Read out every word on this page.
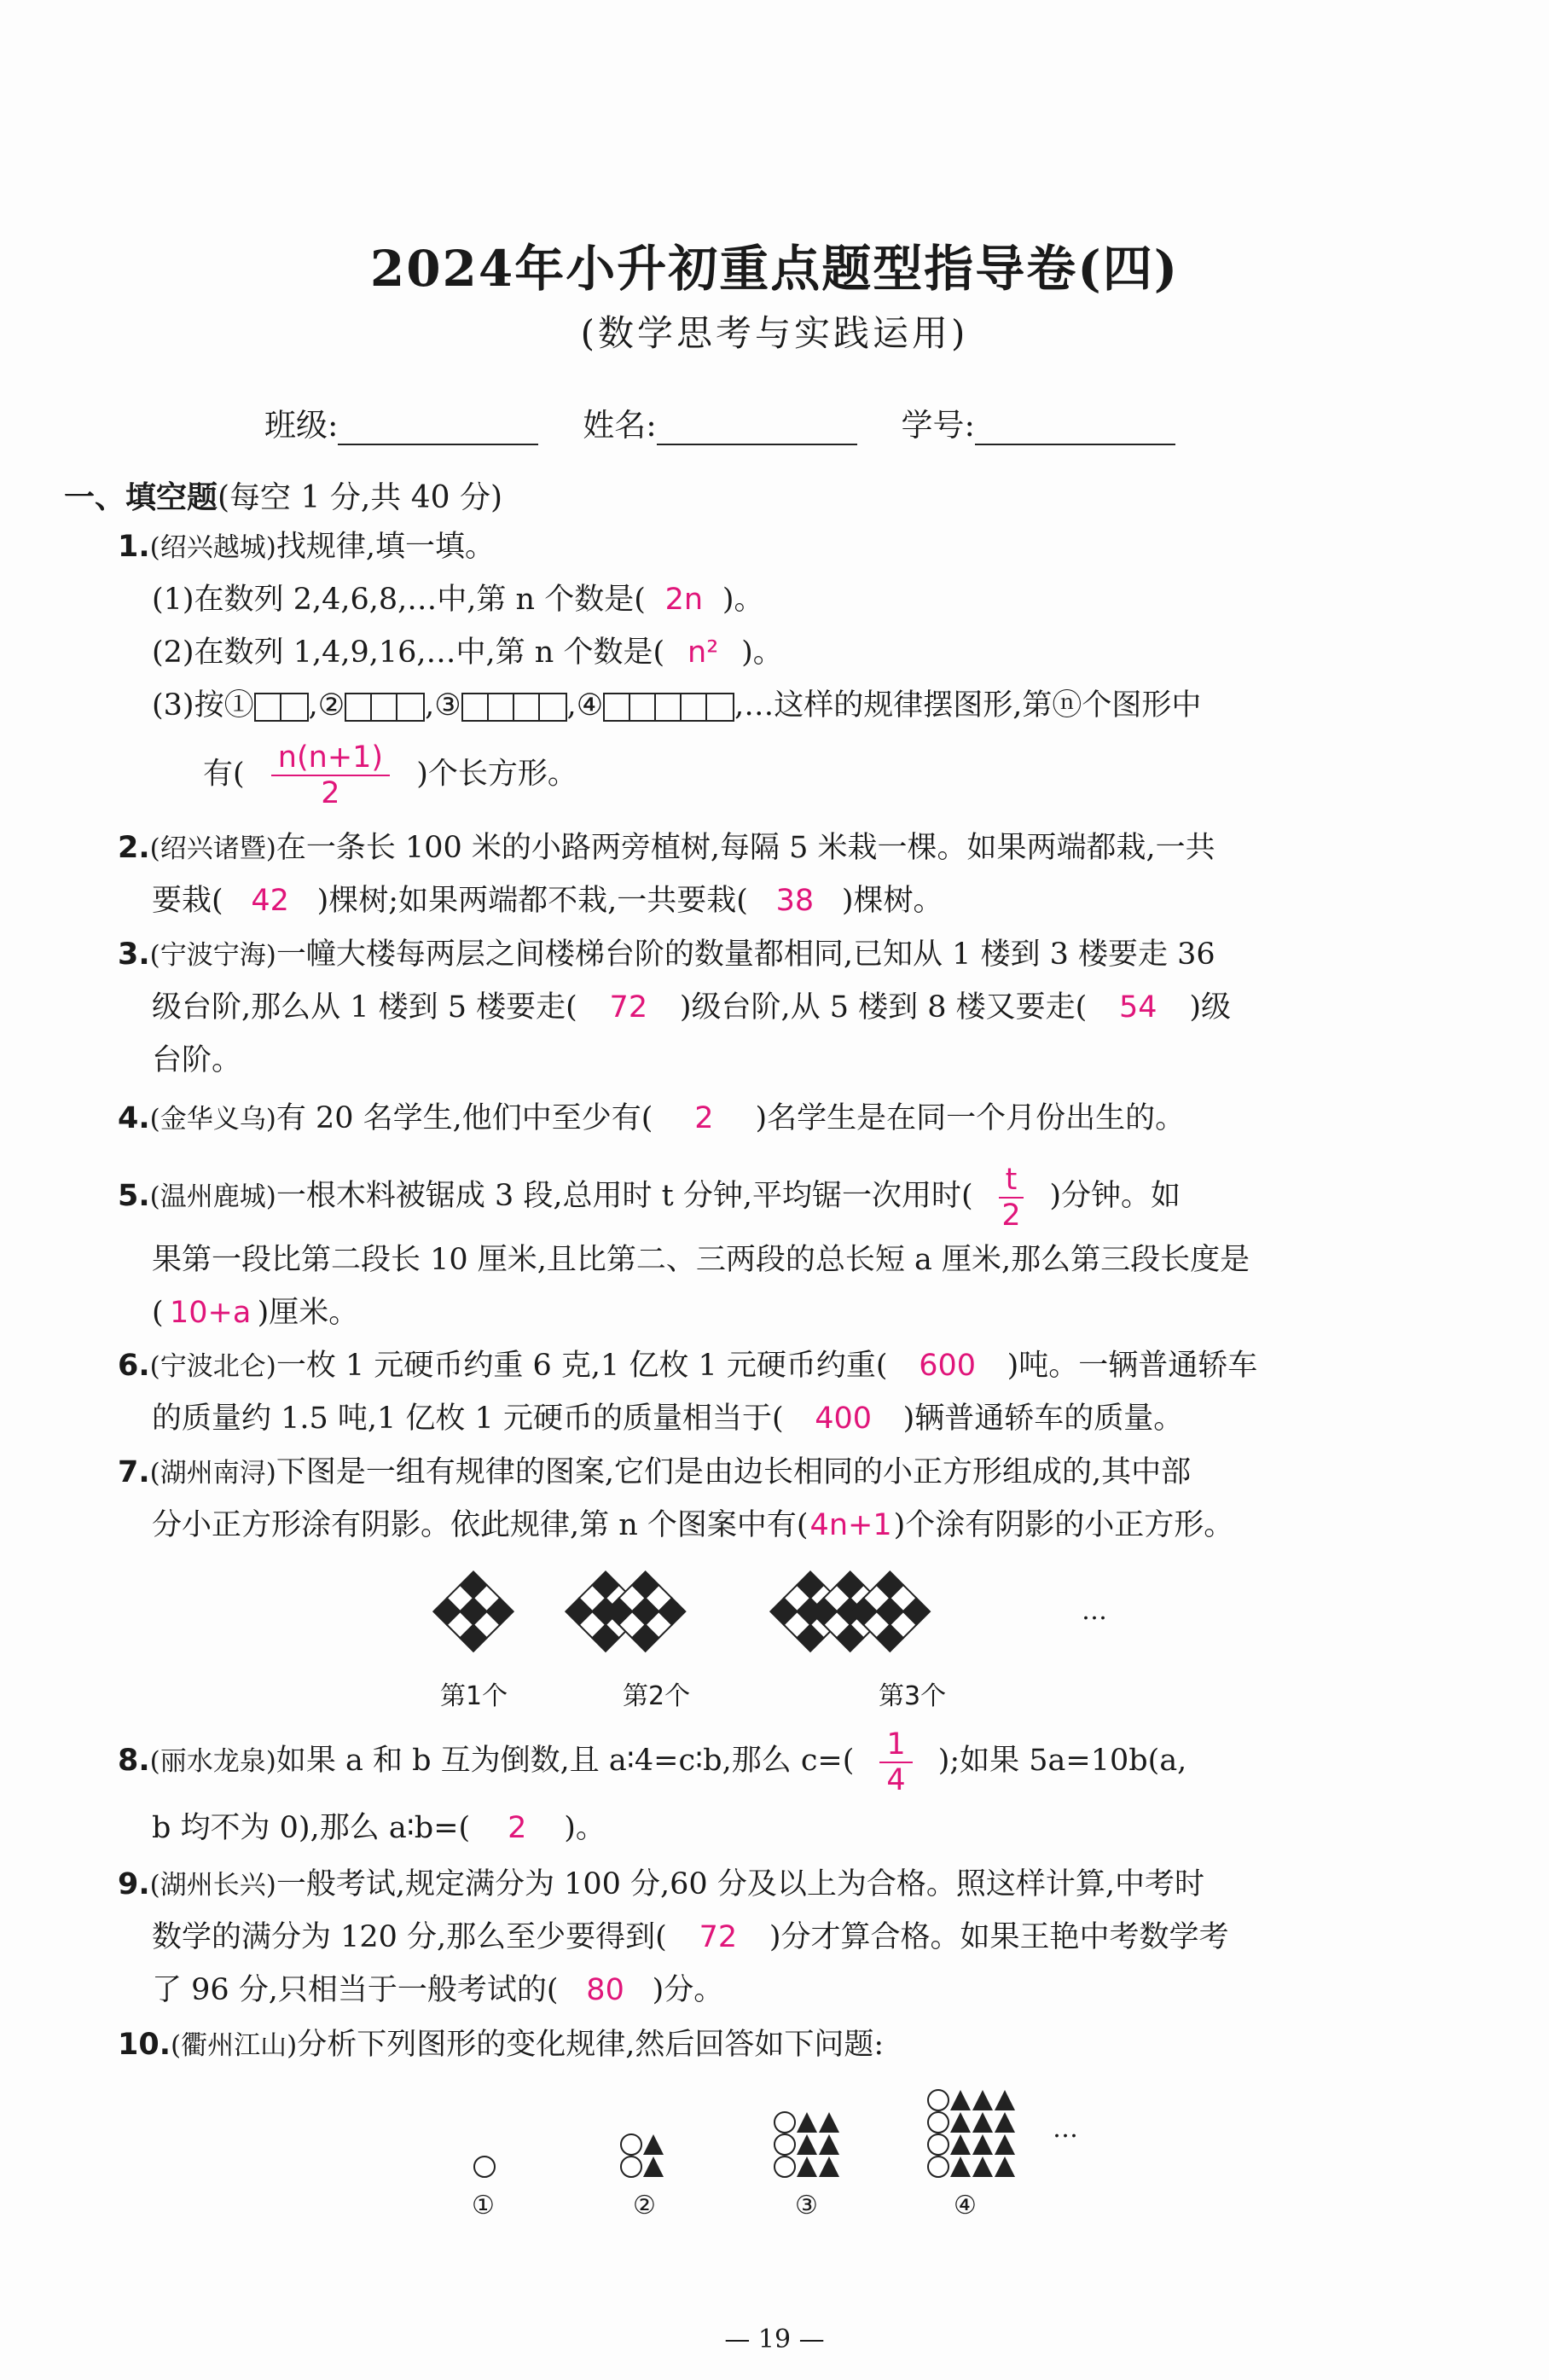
2024年小升初重点题型指导卷(四)
(数学思考与实践运用)
班级:	姓名:	学号:
一、填空题(每空 1 分,共 40 分)
1.(绍兴越城)找规律,填一填。
(1)在数列 2,4,6,8,…中,第 n 个数是( 2n )。
(2)在数列 1,4,9,16,…中,第 n 个数是( n² )。
(3)按① ,②	,③	,④	,…这样的规律摆图形,第ⓝ个图形中
有( $\frac{n(n+1)}{2}$ )个长方形。
2.(绍兴诸暨)在一条长 100 米的小路两旁植树,每隔 5 米栽一棵。如果两端都栽,一共
要栽( 42 )棵树;如果两端都不栽,一共要栽( 38 )棵树。
3.(宁波宁海)一幢大楼每两层之间楼梯台阶的数量都相同,已知从 1 楼到 3 楼要走 36
级台阶,那么从 1 楼到 5 楼要走( 72 )级台阶,从 5 楼到 8 楼又要走( 54 )级
台阶。
4.(金华义乌)有 20 名学生,他们中至少有( 2 )名学生是在同一个月份出生的。
5.(温州鹿城)一根木料被锯成 3 段,总用时 t 分钟,平均锯一次用时( $\frac{t}{2}$ )分钟。如
果第一段比第二段长 10 厘米,且比第二、三两段的总长短 a 厘米,那么第三段长度是
( 10+a )厘米。
6.(宁波北仑)一枚 1 元硬币约重 6 克,1 亿枚 1 元硬币约重( 600 )吨。一辆普通轿车
的质量约 1.5 吨,1 亿枚 1 元硬币的质量相当于( 400 )辆普通轿车的质量。
7.(湖州南浔)下图是一组有规律的图案,它们是由边长相同的小正方形组成的,其中部
分小正方形涂有阴影。依此规律,第 n 个图案中有(4n+1)个涂有阴影的小正方形。
…
第1个	第2个	第3个
8.(丽水龙泉)如果 a 和 b 互为倒数,且 a∶4=c∶b,那么 $c=( \frac{1}{4}$ );如果 5a=10b(a,
b 均不为 0),那么 a∶b=( 2 )。
9.(湖州长兴)一般考试,规定满分为 100 分,60 分及以上为合格。照这样计算,中考时
数学的满分为 120 分,那么至少要得到( 72 )分才算合格。如果王艳中考数学考
了 96 分,只相当于一般考试的( 80 )分。
10.(衢州江山)分析下列图形的变化规律,然后回答如下问题:
…
①	②	③	④
— 19 —
